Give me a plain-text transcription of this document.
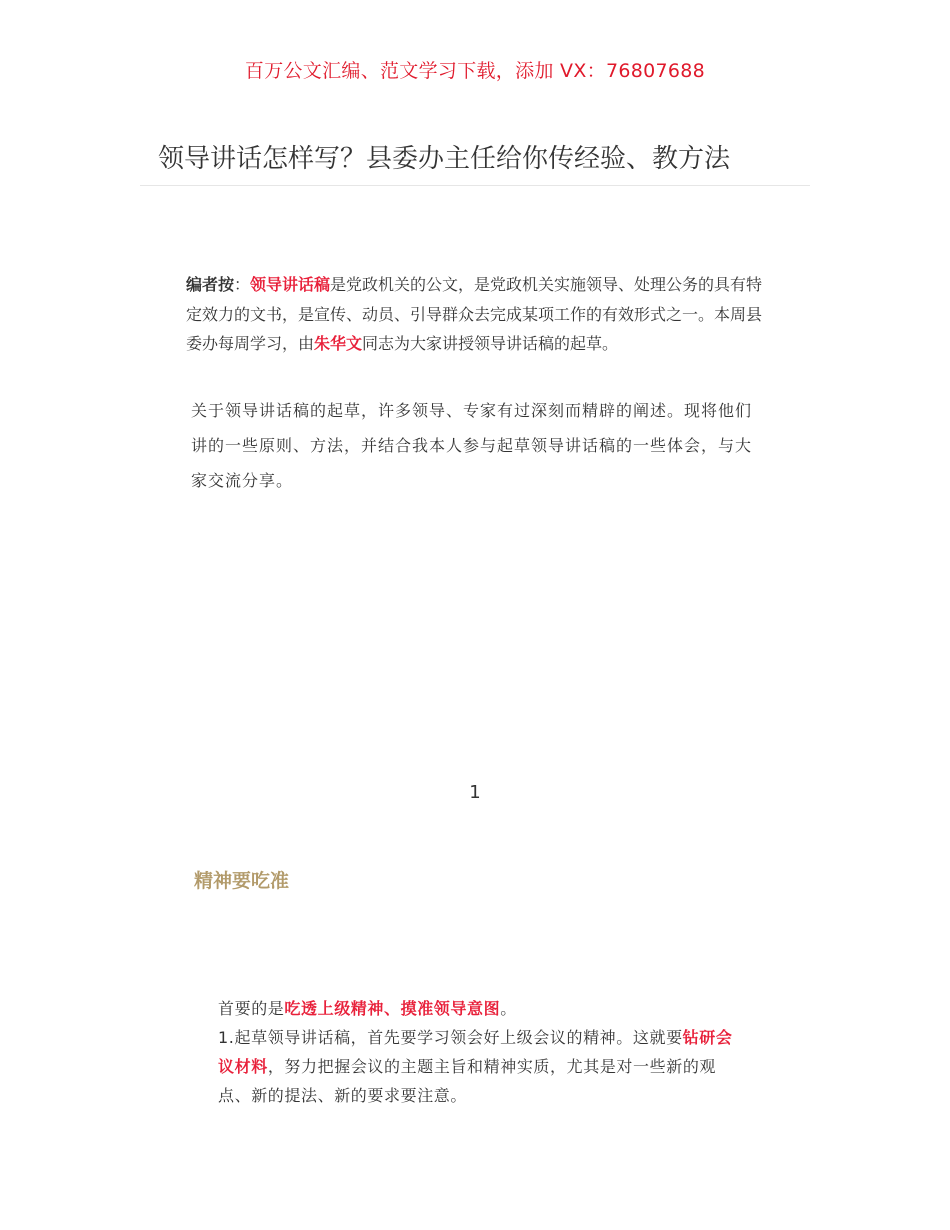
百万公文汇编、范文学习下载，添加 VX：76807688
领导讲话怎样写？县委办主任给你传经验、教方法
编者按：领导讲话稿是党政机关的公文，是党政机关实施领导、处理公务的具有特定效力的文书，是宣传、动员、引导群众去完成某项工作的有效形式之一。本周县委办每周学习，由朱华文同志为大家讲授领导讲话稿的起草。
关于领导讲话稿的起草，许多领导、专家有过深刻而精辟的阐述。现将他们讲的一些原则、方法，并结合我本人参与起草领导讲话稿的一些体会，与大家交流分享。
1
精神要吃准

首要的是吃透上级精神、摸准领导意图。

1.起草领导讲话稿，首先要学习领会好上级会议的精神。这就要钻研会议材料，努力把握会议的主题主旨和精神实质，尤其是对一些新的观点、新的提法、新的要求要注意。
